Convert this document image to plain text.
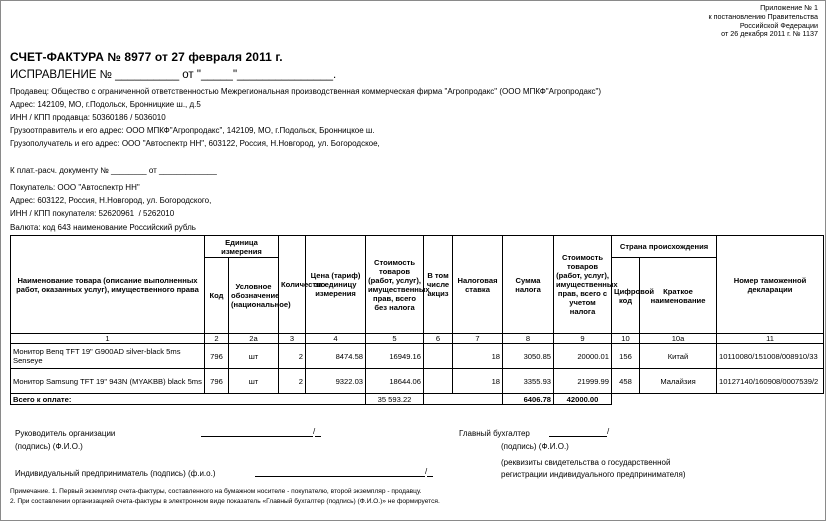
Приложение № 1
к постановлению Правительства
Российской Федерации
от 26 декабря 2011 г. № 1137
СЧЕТ-ФАКТУРА № 8977 от 27 февраля 2011 г.
ИСПРАВЛЕНИЕ № __________ от "_____"_______________.
Продавец: Общество с ограниченной ответственностью Межрегиональная производственная коммерческая фирма "Агропродакс" (ООО МПКФ"Агропродакс")
Адрес: 142109, МО, г.Подольск, Бронницкие ш., д.5
ИНН / КПП продавца: 50360186‌‌ / 5036010‌
Грузоотправитель и его адрес: ООО МПКФ"Агропродакс", 142109, МО, г.Подольск, Бронницкое ш.
Грузополучатель и его адрес: ООО "Автоспектр НН", 603122, Россия, Н.Новгород, ул. Богородское,
К плат.-расч. документу № ________ от _____________
Покупатель: ООО "Автоспектр НН"
Адрес: 603122, Россия, Н.Новгород, ул. Богородского,
ИНН / КПП покупателя: 52620961‌‌ ‌‌ / 5262010‌
Валюта: код 643 наименование Российский рубль
Наименование товара (описание выполненных работ, оказанных услуг), имущественного права	Единица измерения		Количество	Цена (тариф) за единицу измерения	Стоимость товаров (работ, услуг), имущественных прав, всего без налога	В том числе акциз	Налоговая ставка	Сумма налога	Стоимость товаров (работ, услуг), имущественных прав, всего с учетом налога	Страна происхождения		Номер таможенной декларации
	Код	Условное обозначение (национальное)								Цифровой код	Краткое наименование	
1	2	2а	3	4	5	6	7	8	9	10	10а	11
Монитор Benq TFT 19" G900AD silver-black 5ms Senseye	796	шт	2	8474.58	16949.16		18	3050.85	20000.01	156	Китай	10110080/151008/008910/33
Монитор Samsung TFT 19" 943N (MYAKBB) black 5ms	796	шт	2	9322.03	18644.06		18	3355.93	21999.99	458	Малайзия	10127140/160908/0007539/2
Всего к оплате:					35 593.22			6406.78	42000.00			
Руководитель организации	/
(подпись) (Ф.И.О.)
Главный бухгалтер	/
(подпись) (Ф.И.О.)
(реквизиты свидетельства о государственной
регистрации индивидуального предпринимателя)
Индивидуальный предприниматель (подпись) (ф.и.о.)	/
Примечание. 1. Первый экземпляр счета-фактуры, составленного на бумажном носителе - покупателю, второй экземпляр - продавцу.
2. При составлении организацией счета-фактуры в электронном виде показатель «Главный бухгалтер (подпись) (Ф.И.О.)» не формируется.
